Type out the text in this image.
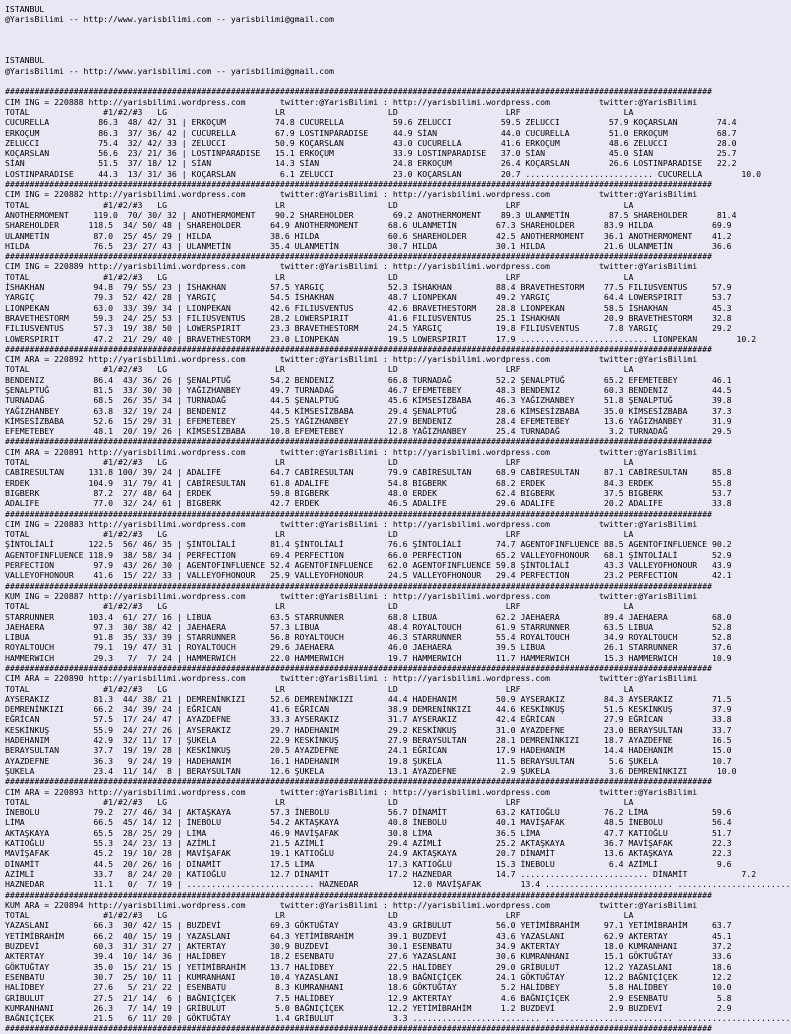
ISTANBUL
@YarisBilimi -- http://www.yarisbilimi.com -- yarisbilimi@gmail.com

ISTANBUL
@YarisBilimi -- http://www.yarisbilimi.com -- yarisbilimi@gmail.com

################################################################################################################################################
CIM ING = 220888 http://yarisbilimi.wordpress.com       twitter:@YarisBilimi : http://yarisbilimi.wordpress.com          twitter:@YarisBilimi
TOTAL               #1/#2/#3   LG                      LR                     LD                      LRF                     LA
CUCURELLA          86.3  48/ 42/ 31 | ERKOÇUM          74.8 CUCURELLA          59.6 ZELUCCI          59.5 ZELUCCI          57.9 KOÇARSLAN        74.4
ERKOÇUM            86.3  37/ 36/ 42 | CUCURELLA        67.9 LOSTINPARADISE     44.9 SİAN             44.0 CUCURELLA        51.0 ERKOÇUM          68.7
ZELUCCI            75.4  32/ 42/ 33 | ZELUCCI          50.9 KOÇARSLAN          43.0 CUCURELLA        41.6 ERKOÇUM          48.6 ZELUCCI          28.0
KOÇARSLAN          56.6  23/ 21/ 36 | LOSTINPARADISE   15.1 ERKOÇUM            33.9 LOSTINPARADISE   37.0 SİAN             45.0 SİAN             25.7
SİAN               51.5  37/ 18/ 12 | SİAN             14.3 SİAN               24.8 ERKOÇUM          26.4 KOÇARSLAN        26.6 LOSTINPARADISE   22.2
LOSTINPARADISE     44.3  13/ 31/ 36 | KOÇARSLAN         6.1 ZELUCCI            23.0 KOÇARSLAN        20.7 .......................... CUCURELLA        10.0
################################################################################################################################################
CIM ING = 220882 http://yarisbilimi.wordpress.com       twitter:@YarisBilimi : http://yarisbilimi.wordpress.com          twitter:@YarisBilimi
TOTAL               #1/#2/#3   LG                      LR                     LD                      LRF                     LA
ANOTHERMOMENT     119.0  70/ 30/ 32 | ANOTHERMOMENT    90.2 SHAREHOLDER        69.2 ANOTHERMOMENT    89.3 ULANMETİN        87.5 SHAREHOLDER      81.4
SHAREHOLDER      118.5  34/ 50/ 48 | SHAREHOLDER      64.9 ANOTHERMOMENT      68.6 ULANMETİN        67.3 SHAREHOLDER      83.9 HILDA            69.9
ULANMETİN         87.0  25/ 45/ 29 | HILDA            38.6 HILDA              60.6 SHAREHOLDER      42.5 ANOTHERMOMENT    36.1 ANOTHERMOMENT    41.2
HILDA             76.5  23/ 27/ 43 | ULANMETİN        35.4 ULANMETİN          30.7 HILDA            30.1 HILDA            21.6 ULANMETİN        36.6
################################################################################################################################################
CIM ING = 220889 http://yarisbilimi.wordpress.com       twitter:@YarisBilimi : http://yarisbilimi.wordpress.com          twitter:@YarisBilimi
TOTAL               #1/#2/#3   LG                      LR                     LD                      LRF                     LA
İSHAKHAN          94.8  79/ 55/ 23 | İSHAKHAN         57.5 YARGIÇ             52.3 İSHAKHAN         88.4 BRAVETHESTORM    77.5 FILIUSVENTUS     57.9
YARGIÇ            79.3  52/ 42/ 28 | YARGIÇ           54.5 İSHAKHAN           48.7 LIONPEKAN        49.2 YARGIÇ           64.4 LOWERSPIRIT      53.7
LIONPEKAN         63.0  33/ 39/ 34 | LIONPEKAN        42.6 FILIUSVENTUS       42.6 BRAVETHESTORM    28.8 LIONPEKAN        58.5 İSHAKHAN         45.3
BRAVETHESTORM     59.3  24/ 25/ 53 | FILIUSVENTUS     28.2 LOWERSPIRIT        41.6 FILIUSVENTUS     25.1 İSHAKHAN         20.9 BRAVETHESTORM    32.8
FILIUSVENTUS      57.3  19/ 38/ 50 | LOWERSPIRIT      23.3 BRAVETHESTORM      24.5 YARGIÇ           19.8 FILIUSVENTUS      7.8 YARGIÇ           29.2
LOWERSPIRIT       47.2  21/ 29/ 40 | BRAVETHESTORM    23.0 LIONPEKAN          19.5 LOWERSPIRIT      17.9 .......................... LIONPEKAN        10.2
################################################################################################################################################
CIM ARA = 220892 http://yarisbilimi.wordpress.com       twitter:@YarisBilimi : http://yarisbilimi.wordpress.com          twitter:@YarisBilimi
TOTAL               #1/#2/#3   LG                      LR                     LD                      LRF                     LA
BENDENIZ          86.4  43/ 36/ 26 | ŞENALPTUĞ        54.2 BENDENIZ           66.8 TURNADAĞ         52.2 ŞENALPTUĞ        65.2 EFEMETEBEY       46.1
ŞENALPTUĞ         81.5  33/ 30/ 30 | YAĞIZHANBEY      49.7 TURNADAĞ           46.7 EFEMETEBEY       48.3 BENDENIZ         60.3 BENDENIZ         44.5
TURNADAĞ          68.5  26/ 35/ 34 | TURNADAĞ         44.5 ŞENALPTUĞ          45.6 KİMSESİZBABA     46.3 YAĞIZHANBEY      51.8 ŞENALPTUĞ        39.8
YAĞIZHANBEY       63.8  32/ 19/ 24 | BENDENIZ         44.5 KİMSESİZBABA       29.4 ŞENALPTUĞ        28.6 KİMSESİZBABA     35.0 KİMSESİZBABA     37.3
KİMSESİZBABA      52.6  15/ 29/ 31 | EFEMETEBEY       25.5 YAĞIZHANBEY        27.9 BENDENIZ         28.4 EFEMETEBEY       13.6 YAĞIZHANBEY      31.9
EFEMETEBEY        48.1  20/ 19/ 26 | KİMSESİZBABA     10.8 EFEMETEBEY         12.8 YAĞIZHANBEY      25.4 TURNADAĞ          3.2 TURNADAĞ         29.5
################################################################################################################################################
CIM ARA = 220891 http://yarisbilimi.wordpress.com       twitter:@YarisBilimi : http://yarisbilimi.wordpress.com          twitter:@YarisBilimi
TOTAL               #1/#2/#3   LG                      LR                     LD                      LRF                     LA
CABİRESULTAN     131.8 100/ 39/ 24 | ADALIFE          64.7 CABİRESULTAN       79.9 CABİRESULTAN     68.9 CABİRESULTAN     87.1 CABİRESULTAN     85.8
ERDEK            104.9  31/ 79/ 41 | CABİRESULTAN     61.8 ADALIFE            54.8 BIGBERK          68.2 ERDEK            84.3 ERDEK            55.8
BIGBERK           87.2  27/ 48/ 64 | ERDEK            59.8 BIGBERK            48.0 ERDEK            62.4 BIGBERK          37.5 BIGBERK          53.7
ADALIFE           77.0  32/ 24/ 61 | BIGBERK          42.7 ERDEK              46.5 ADALIFE          29.6 ADALIFE          20.2 ADALIFE          33.8
################################################################################################################################################
CIM ING = 220883 http://yarisbilimi.wordpress.com       twitter:@YarisBilimi : http://yarisbilimi.wordpress.com          twitter:@YarisBilimi
TOTAL               #1/#2/#3   LG                      LR                     LD                      LRF                     LA
ŞİNTOLİALİ       122.5  56/ 46/ 35 | ŞİNTOLİALİ       81.4 ŞİNTOLİALİ         76.6 ŞİNTOLİALİ       74.7 AGENTOFINFLUENCE 88.5 AGENTOFINFLUENCE 90.2
AGENTOFINFLUENCE 118.9  38/ 58/ 34 | PERFECTION       69.4 PERFECTION         66.0 PERFECTION       65.2 VALLEYOFHONOUR   68.1 ŞİNTOLİALİ       52.9
PERFECTION        97.9  43/ 26/ 30 | AGENTOFINFLUENCE 52.4 AGENTOFINFLUENCE   62.0 AGENTOFINFLUENCE 59.8 ŞİNTOLİALİ       43.3 VALLEYOFHONOUR   43.9
VALLEYOFHONOUR    41.6  15/ 22/ 33 | VALLEYOFHONOUR   25.9 VALLEYOFHONOUR     24.5 VALLEYOFHONOUR   29.4 PERFECTION       23.2 PERFECTION       42.1
################################################################################################################################################
KUM ING = 220887 http://yarisbilimi.wordpress.com       twitter:@YarisBilimi : http://yarisbilimi.wordpress.com          twitter:@YarisBilimi
TOTAL               #1/#2/#3   LG                      LR                     LD                      LRF                     LA
STARRUNNER       103.4  61/ 27/ 16 | LIBUA            63.5 STARRUNNER         68.8 LIBUA            62.2 JAEHAERA         89.4 JAEHAERA         68.0
JAEHAERA          97.3  30/ 38/ 42 | JAEHAERA         57.3 LIBUA              48.4 ROYALTOUCH       61.9 STARRUNNER       63.5 LIBUA            52.8
LIBUA             91.8  35/ 33/ 39 | STARRUNNER       56.8 ROYALTOUCH         46.3 STARRUNNER       55.4 ROYALTOUCH       34.9 ROYALTOUCH       52.8
ROYALTOUCH        79.1  19/ 47/ 31 | ROYALTOUCH       29.6 JAEHAERA           46.0 JAEHAERA         39.5 LIBUA            26.1 STARRUNNER       37.6
HAMMERWICH        29.3   7/  7/ 24 | HAMMERWICH       22.0 HAMMERWICH         19.7 HAMMERWICH       11.7 HAMMERWICH       15.3 HAMMERWICH       10.9
################################################################################################################################################
CIM ARA = 220890 http://yarisbilimi.wordpress.com       twitter:@YarisBilimi : http://yarisbilimi.wordpress.com          twitter:@YarisBilimi
TOTAL               #1/#2/#3   LG                      LR                     LD                      LRF                     LA
AYSERAKIZ         81.3  44/ 38/ 21 | DEMRENİNKIZI     52.6 DEMRENİNKIZI       44.4 HADEHANIM        50.9 AYSERAKIZ        84.3 AYSERAKIZ        71.5
DEMRENİNKIZI      66.2  34/ 39/ 24 | EĞRİCAN          41.6 EĞRİCAN            38.9 DEMRENİNKIZI     44.6 KESKİNKUŞ        51.5 KESKİNKUŞ        37.9
EĞRİCAN           57.5  17/ 24/ 47 | AYAZDEFNE        33.3 AYSERAKIZ          31.7 AYSERAKIZ        42.4 EĞRİCAN          27.9 EĞRİCAN          33.8
KESKİNKUŞ         55.9  24/ 27/ 26 | AYSERAKIZ        29.7 HADEHANIM          29.2 KESKİNKUŞ        31.0 AYAZDEFNE        23.0 BERAYSULTAN      33.7
HADEHANIM         42.9  32/ 11/ 17 | ŞUKELA           22.9 KESKİNKUŞ          27.9 BERAYSULTAN      28.1 DEMRENİNKIZI     18.7 AYAZDEFNE        16.5
BERAYSULTAN       37.7  19/ 19/ 28 | KESKİNKUŞ        20.5 AYAZDEFNE          24.1 EĞRİCAN          17.9 HADEHANIM        14.4 HADEHANIM        15.0
AYAZDEFNE         36.3   9/ 24/ 19 | HADEHANIM        16.1 HADEHANIM          19.8 ŞUKELA           11.5 BERAYSULTAN       5.6 ŞUKELA           10.7
ŞUKELA            23.4  11/ 14/  8 | BERAYSULTAN      12.6 ŞUKELA             13.1 AYAZDEFNE         2.9 ŞUKELA            3.6 DEMRENİNKIZI      10.0
################################################################################################################################################
CIM ARA = 220893 http://yarisbilimi.wordpress.com       twitter:@YarisBilimi : http://yarisbilimi.wordpress.com          twitter:@YarisBilimi
TOTAL               #1/#2/#3   LG                      LR                     LD                      LRF                     LA
İNEBOLU           79.2  27/ 46/ 34 | AKTAŞKAYA        57.3 İNEBOLU            56.7 DİNAMİT          63.2 KATIOĞLU         76.2 LİMA             59.6
LİMA              66.5  45/ 14/ 12 | İNEBOLU          54.2 AKTAŞKAYA          40.8 İNEBOLU          40.1 MAVİŞAFAK        48.5 İNEBOLU          56.4
AKTAŞKAYA         65.5  28/ 25/ 29 | LİMA             46.9 MAVİŞAFAK          30.8 LİMA             36.5 LİMA             47.7 KATIOĞLU         51.7
KATIOĞLU          55.3  24/ 23/ 13 | AZİMLİ           21.5 AZİMLİ             29.4 AZİMLİ           25.2 AKTAŞKAYA        36.7 MAVİŞAFAK        22.3
MAVİŞAFAK         45.2  19/ 10/ 28 | MAVİŞAFAK        19.1 KATIOĞLU           24.9 AKTAŞKAYA        20.7 DİNAMİT          13.6 AKTAŞKAYA        22.3
DİNAMİT           44.5  20/ 26/ 16 | DİNAMİT          17.5 LİMA               17.3 KATIOĞLU         15.3 İNEBOLU           6.4 AZİMLİ            9.6
AZİMLİ            33.7   8/ 24/ 20 | KATIOĞLU         12.7 DİNAMİT            17.2 HAZNEDAR         14.7 .......................... DİNAMİT           7.2
HAZNEDAR          11.1   0/  7/ 19 | .......................... HAZNEDAR           12.0 MAVİŞAFAK        13.4 .......................... .......................
################################################################################################################################################
KUM ARA = 220894 http://yarisbilimi.wordpress.com       twitter:@YarisBilimi : http://yarisbilimi.wordpress.com          twitter:@YarisBilimi
TOTAL               #1/#2/#3   LG                      LR                     LD                      LRF                     LA
YAZASLANI         66.3  30/ 42/ 15 | BUZDEVİ          69.3 GÖKTUĞTAY          43.9 GRİBULUT         56.0 YETİMİBRAHİM     97.1 YETİMİBRAHİM     63.7
YETİMİBRAHİM      66.2  40/ 15/ 19 | YAZASLANI        64.3 YETİMİBRAHİM       39.1 BUZDEVİ          43.6 YAZASLANI        62.9 AKTERTAY         45.1
BUZDEVİ           60.3  31/ 31/ 27 | AKTERTAY         30.9 BUZDEVİ            30.1 ESENBATU         34.9 AKTERTAY         18.0 KUMRANHANI       37.2
AKTERTAY          39.4  10/ 14/ 36 | HALİDBEY         18.2 ESENBATU           27.6 YAZASLANI        30.6 KUMRANHANI       15.1 GÖKTUĞTAY        33.6
GÖKTUĞTAY         35.0  15/ 21/ 15 | YETİMİBRAHİM     13.7 HALİDBEY           22.5 HALİDBEY         29.0 GRİBULUT         12.2 YAZASLANI        18.6
ESENBATU          30.7  25/ 10/ 11 | KUMRANHANI       10.4 YAZASLANI          18.9 BAĞNIÇİÇEK       24.1 GÖKTUĞTAY        12.2 BAĞNIÇİÇEK       12.2
HALİDBEY          27.6   5/ 21/ 22 | ESENBATU          8.3 KUMRANHANI         18.6 GÖKTUĞTAY         5.2 HALİDBEY          5.8 HALİDBEY         10.0
GRİBULUT          27.5  21/ 14/  6 | BAĞNIÇİÇEK        7.5 HALİDBEY           12.9 AKTERTAY          4.6 BAĞNIÇİÇEK        2.9 ESENBATU          5.8
KUMRANHANI        26.3   7/ 14/ 19 | GRİBULUT          5.0 BAĞNIÇİÇEK         12.2 YETİMİBRAHİM      1.2 BUZDEVİ           2.9 BUZDEVİ           2.9
BAĞNIÇİÇEK        21.5   6/ 11/ 20 | GÖKTUĞTAY         1.4 GRİBULUT            3.3 .......................... .......................... .......................
################################################################################################################################################
